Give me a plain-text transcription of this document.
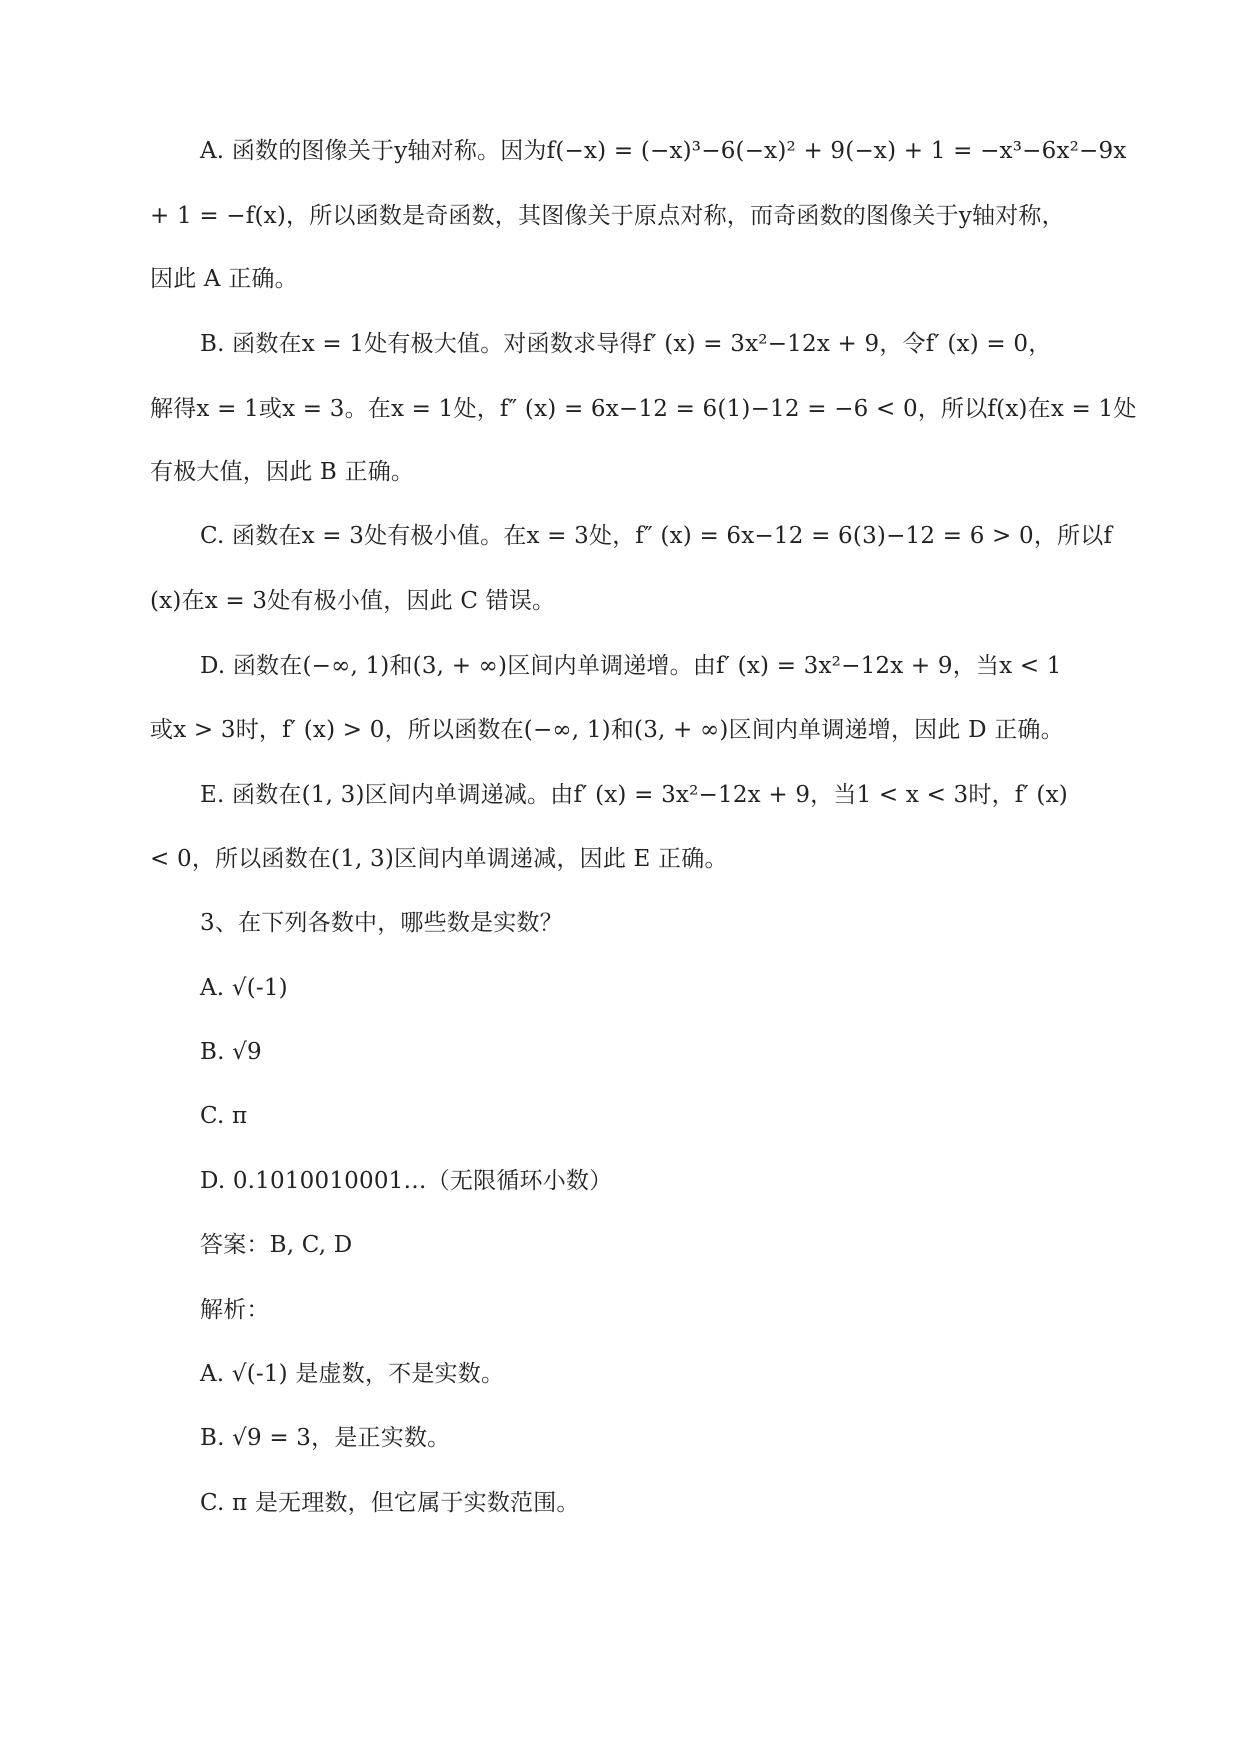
A. 函数的图像关于y轴对称。因为f(−x) = (−x)³−6(−x)² + 9(−x) + 1 = −x³−6x²−9x
+ 1 = −f(x)，所以函数是奇函数，其图像关于原点对称，而奇函数的图像关于y轴对称，
因此 A 正确。
B. 函数在x = 1处有极大值。对函数求导得f′ (x) = 3x²−12x + 9，令f′ (x) = 0，
解得x = 1或x = 3。在x = 1处，f″ (x) = 6x−12 = 6(1)−12 = −6 < 0，所以f(x)在x = 1处
有极大值，因此 B 正确。
C. 函数在x = 3处有极小值。在x = 3处，f″ (x) = 6x−12 = 6(3)−12 = 6 > 0，所以f
(x)在x = 3处有极小值，因此 C 错误。
D. 函数在(−∞, 1)和(3, + ∞)区间内单调递增。由f′ (x) = 3x²−12x + 9，当x < 1
或x > 3时，f′ (x) > 0，所以函数在(−∞, 1)和(3, + ∞)区间内单调递增，因此 D 正确。
E. 函数在(1, 3)区间内单调递减。由f′ (x) = 3x²−12x + 9，当1 < x < 3时，f′ (x)
< 0，所以函数在(1, 3)区间内单调递减，因此 E 正确。
3、在下列各数中，哪些数是实数？
A. √(-1)
B. √9
C. π
D. 0.1010010001…（无限循环小数）
答案：B, C, D
解析：
A. √(-1) 是虚数，不是实数。
B. √9 = 3，是正实数。
C. π 是无理数，但它属于实数范围。
